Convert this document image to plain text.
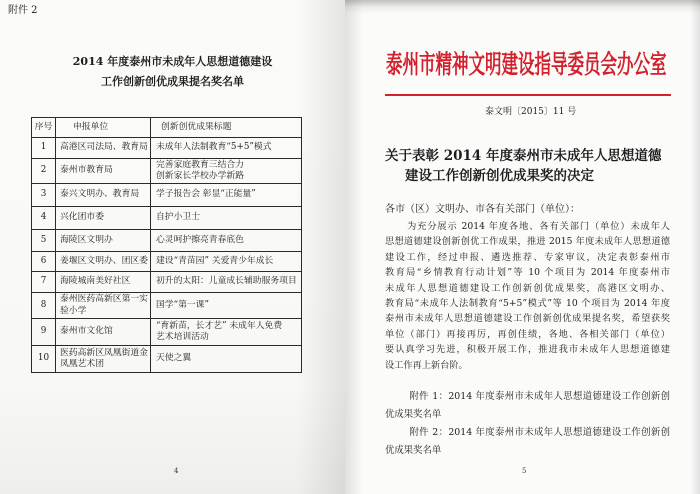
附件 2
2014 年度泰州市未成年人思想道德建设
工作创新创优成果提名奖名单
序号	申报单位	创新创优成果标题
1	高港区司法局、教育局	未成年人法制教育“5+5”模式

2	泰州市教育局	完善家庭教育三结合力
创新家长学校办学新路

3	泰兴文明办、教育局	学子报告会 彰显“正能量”

4	兴化团市委	自护小卫士

5	海陵区文明办	心灵呵护擦亮青春底色

6	姜堰区文明办、团区委	建设“青苗园” 关爱青少年成长

7	海陵城南美好社区	初升的太阳：儿童成长辅助服务项目

8	泰州医药高新区第一实
验小学	国学“第一课”

9	泰州市文化馆	“育新苗，长才艺” 未成年人免费
艺术培训活动

10	医药高新区凤凰街道金
凤凰艺术团	天使之翼
4
泰州市精神文明建设指导委员会办公室
泰文明〔2015〕11 号
关于表彰 2014 年度泰州市未成年人思想道德
建设工作创新创优成果奖的决定
各市（区）文明办、市各有关部门（单位）：
为充分展示 2014 年度各地、各有关部门（单位）未成年人
思想道德建设创新创优工作成果，推进 2015 年度未成年人思想道德
建设工作，经过申报、遴选推荐、专家审议，决定表彰泰州市
教育局“乡情教育行动计划”等 10 个项目为 2014 年度泰州市
未成年人思想道德建设工作创新创优成果奖，高港区文明办、
教育局“未成年人法制教育“5+5”模式”等 10 个项目为 2014 年度
泰州市未成年人思想道德建设工作创新创优成果提名奖，希望获奖
单位（部门）再接再厉，再创佳绩，各地、各相关部门（单位）
要认真学习先进，积极开展工作，推进我市未成年人思想道德建
设工作再上新台阶。
附件 1：2014 年度泰州市未成年人思想道德建设工作创新创
优成果奖名单
附件 2：2014 年度泰州市未成年人思想道德建设工作创新创
优成果奖名单
5
